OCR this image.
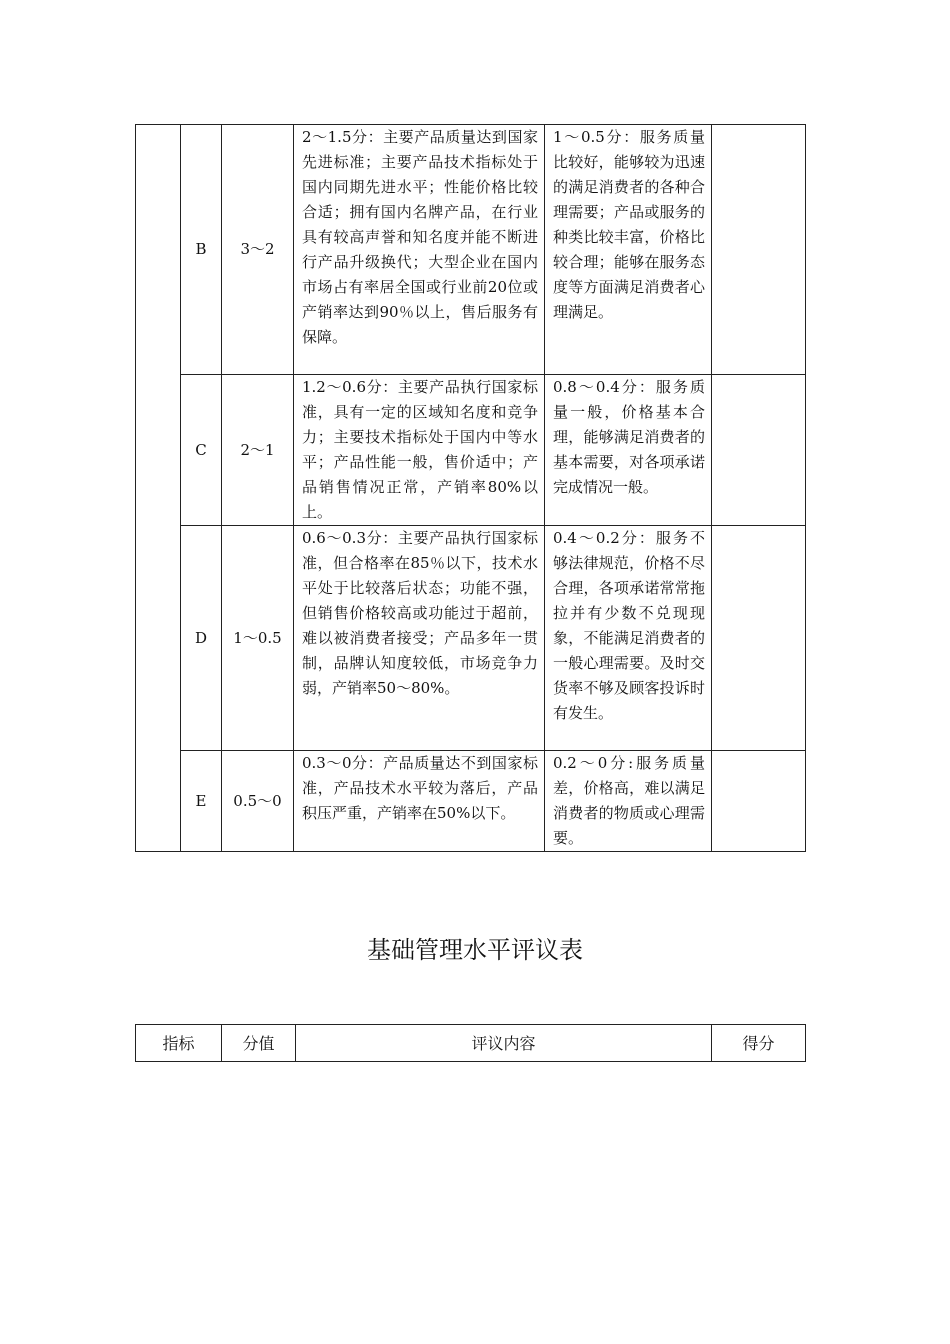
	B	3～2	2～1.5分：主要产品质量达到国家先进标准；主要产品技术指标处于国内同期先进水平；性能价格比较合适；拥有国内名牌产品，在行业具有较高声誉和知名度并能不断进行产品升级换代；大型企业在国内市场占有率居全国或行业前20位或产销率达到90％以上，售后服务有保障。	1～0.5分：服务质量比较好，能够较为迅速的满足消费者的各种合理需要；产品或服务的种类比较丰富，价格比较合理；能够在服务态度等方面满足消费者心理满足。	
	C	2～1	1.2～0.6分：主要产品执行国家标准，具有一定的区域知名度和竞争力；主要技术指标处于国内中等水平；产品性能一般，售价适中；产品销售情况正常，产销率80%以上。	0.8～0.4分：服务质量一般，价格基本合理，能够满足消费者的基本需要，对各项承诺完成情况一般。	
	D	1～0.5	0.6～0.3分：主要产品执行国家标准，但合格率在85％以下，技术水平处于比较落后状态；功能不强，但销售价格较高或功能过于超前，难以被消费者接受；产品多年一贯制，品牌认知度较低，市场竞争力弱，产销率50～80%。	0.4～0.2分：服务不够法律规范，价格不尽合理，各项承诺常常拖拉并有少数不兑现现象，不能满足消费者的一般心理需要。及时交货率不够及顾客投诉时有发生。	
	E	0.5～0	0.3～0分：产品质量达不到国家标准，产品技术水平较为落后，产品积压严重，产销率在50%以下。	0.2～0分:服务质量差，价格高，难以满足消费者的物质或心理需要。	
基础管理水平评议表
指标	分值	评议内容	得分
